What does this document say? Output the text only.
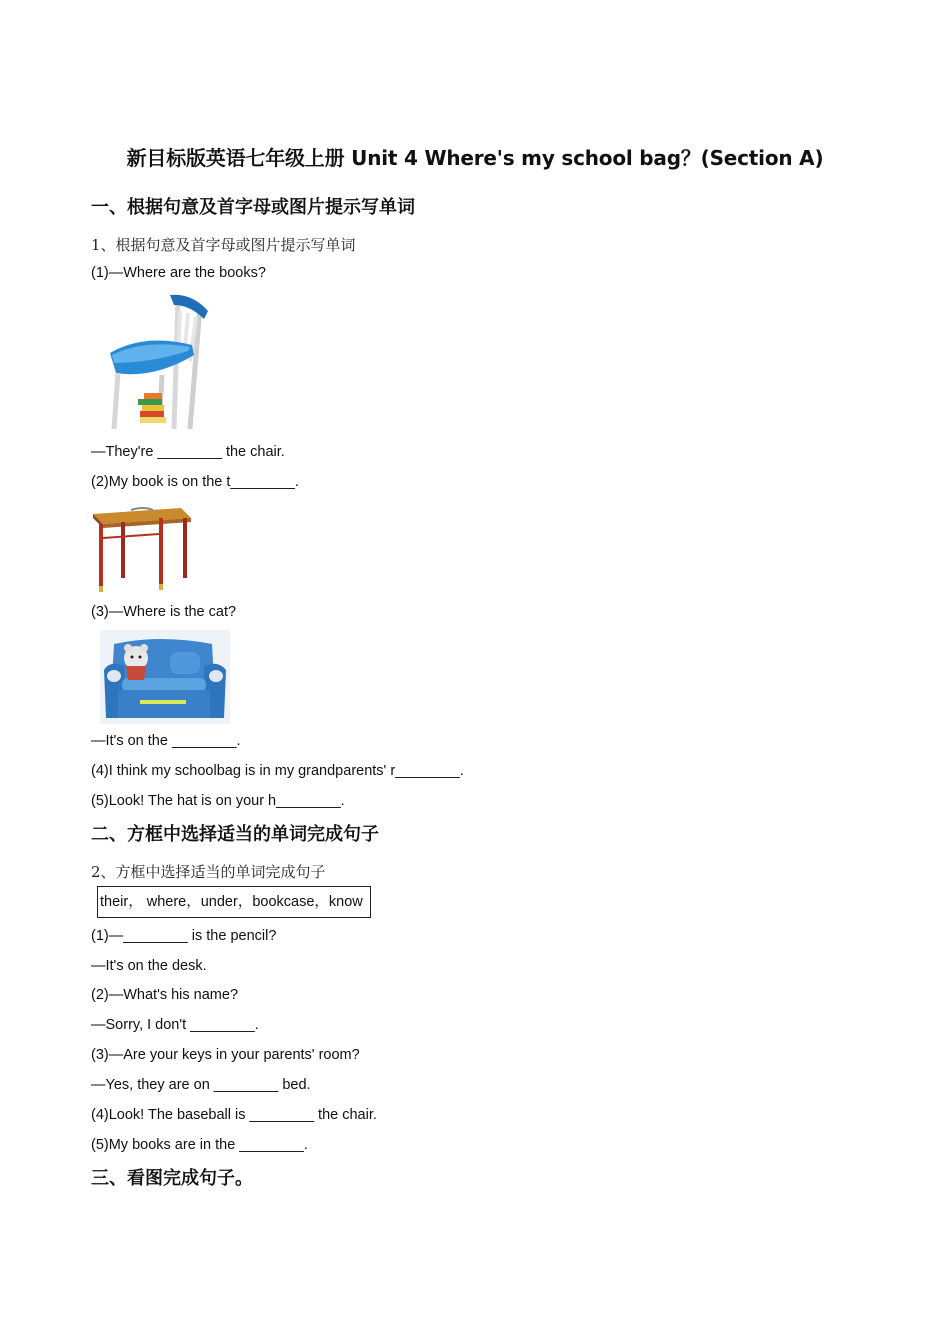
新目标版英语七年级上册 Unit 4 Where's my school bag？(Section A)
一、根据句意及首字母或图片提示写单词
1、根据句意及首字母或图片提示写单词
(1)—Where are the books?
—They're ________ the chair.
(2)My book is on the t________.
(3)—Where is the cat?
—It's on the ________.
(4)I think my schoolbag is in my grandparents' r________.
(5)Look! The hat is on your h________.
二、方框中选择适当的单词完成句子
2、方框中选择适当的单词完成句子
their， where，under，bookcase，know
(1)—________ is the pencil?
—It's on the desk.
(2)—What's his name?
—Sorry, I don't ________.
(3)—Are your keys in your parents' room?
—Yes, they are on ________ bed.
(4)Look! The baseball is ________ the chair.
(5)My books are in the ________.
三、看图完成句子。
